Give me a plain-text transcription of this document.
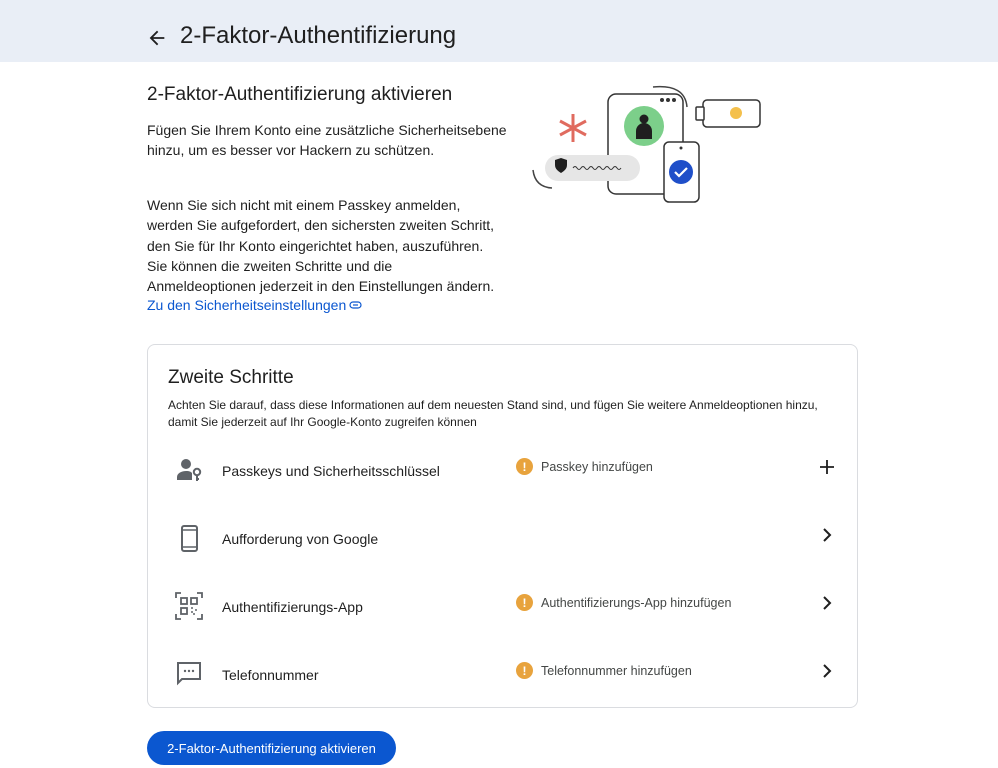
2-Faktor-Authentifizierung
2-Faktor-Authentifizierung aktivieren
Fügen Sie Ihrem Konto eine zusätzliche Sicherheitsebene hinzu, um es besser vor Hackern zu schützen.
Wenn Sie sich nicht mit einem Passkey anmelden, werden Sie aufgefordert, den sichersten zweiten Schritt, den Sie für Ihr Konto eingerichtet haben, auszuführen. Sie können die zweiten Schritte und die Anmeldeoptionen jederzeit in den Einstellungen ändern.
Zu den Sicherheitseinstellungen
Zweite Schritte
Achten Sie darauf, dass diese Informationen auf dem neuesten Stand sind, und fügen Sie weitere Anmeldeoptionen hinzu, damit Sie jederzeit auf Ihr Google-Konto zugreifen können
Passkeys und Sicherheitsschlüssel	!	Passkey hinzufügen
Aufforderung von Google
Authentifizierungs-App	!	Authentifizierungs-App hinzufügen
Telefonnummer	!	Telefonnummer hinzufügen
2-Faktor-Authentifizierung aktivieren
